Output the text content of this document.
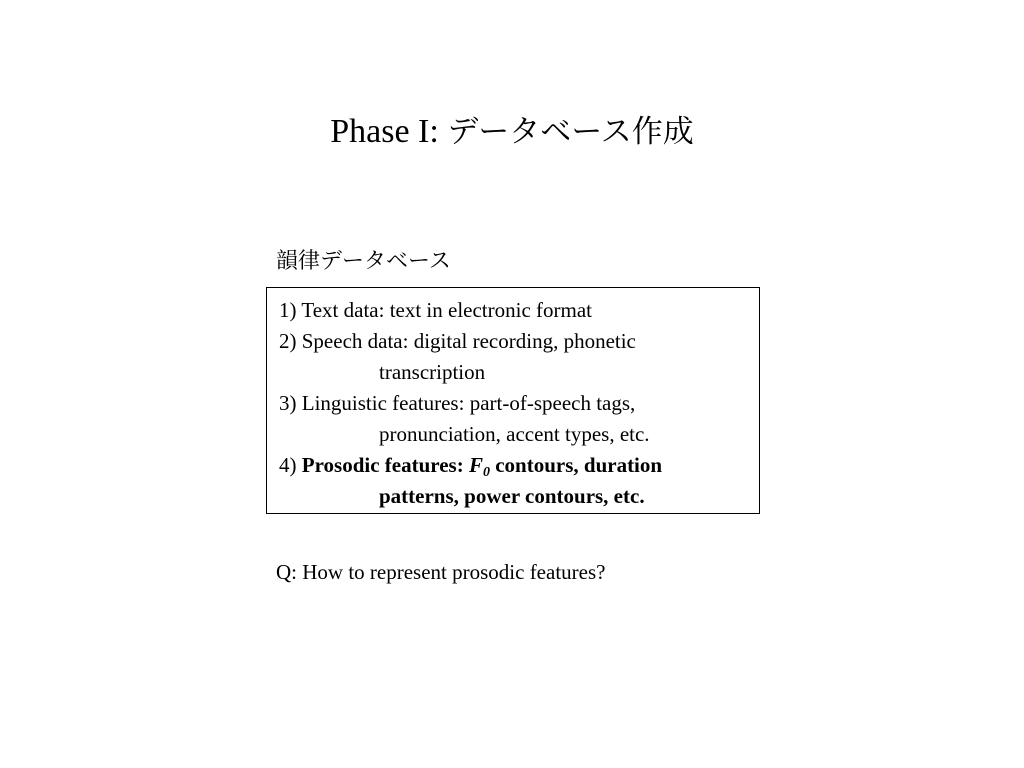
Phase I: データベース作成
韻律データベース

1) Text data: text in electronic format

2) Speech data: digital recording, phonetic

transcription

3) Linguistic features: part-of-speech tags,

pronunciation, accent types, etc.

4) Prosodic features: $F_0$ contours, duration

patterns, power contours, etc.

Q: How to represent prosodic features?
